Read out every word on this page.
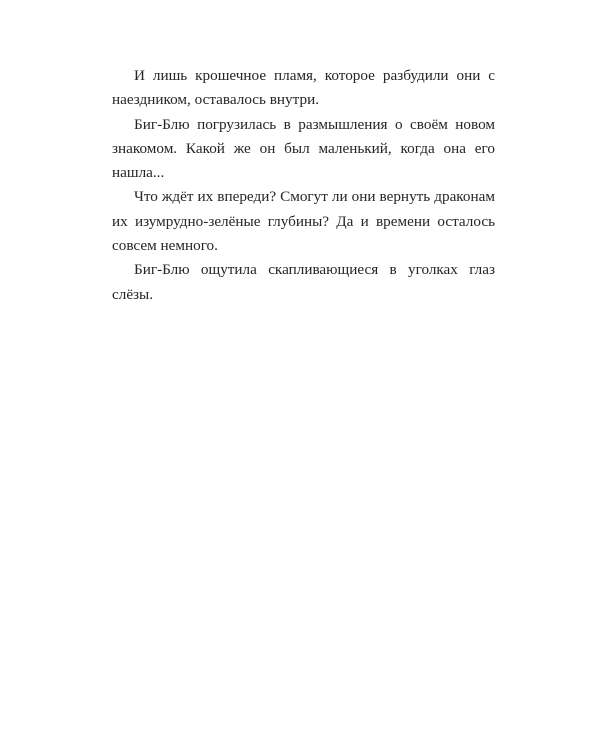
И лишь крошечное пламя, которое разбудили они с наездником, оставалось внутри.

Биг-Блю погрузилась в размышления о своём новом знакомом. Какой же он был маленький, когда она его нашла...

Что ждёт их впереди? Смогут ли они вернуть драконам их изумрудно-зелёные глубины? Да и времени осталось совсем немного.

Биг-Блю ощутила скапливающиеся в уголках глаз слёзы.
